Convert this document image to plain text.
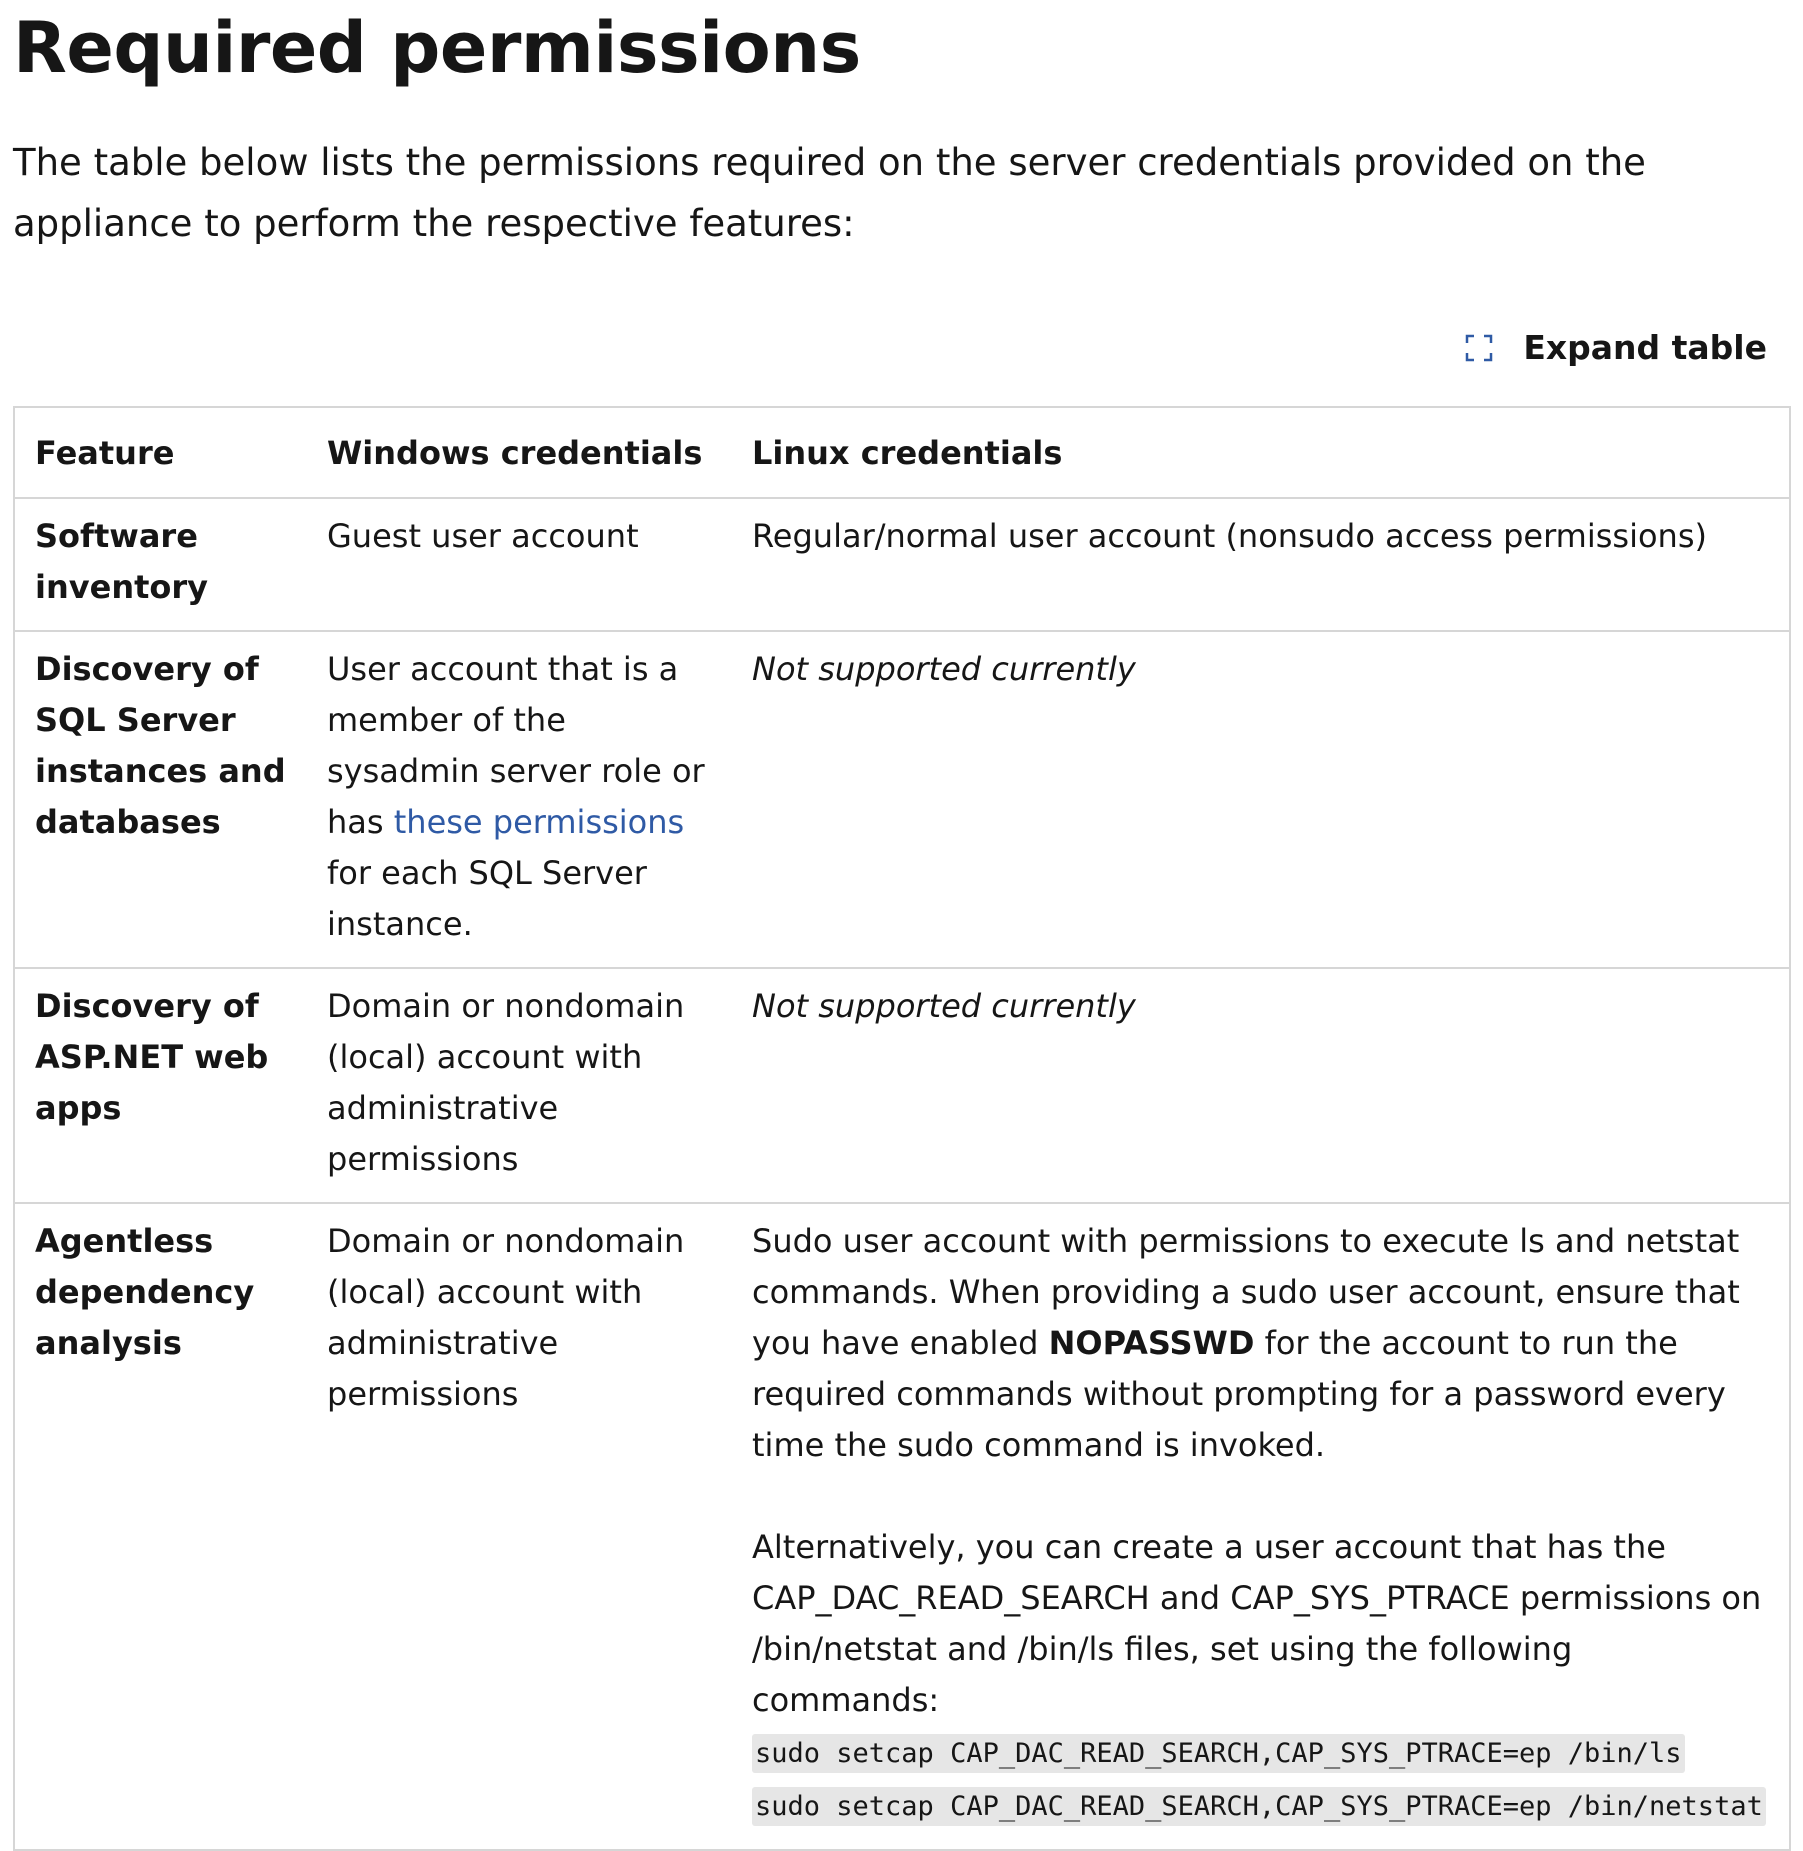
Required permissions

The table below lists the permissions required on the server credentials provided on the appliance to perform the respective features:

Expand table
Feature	Windows credentials	Linux credentials
Software inventory	Guest user account	Regular/normal user account (nonsudo access permissions)
Discovery of SQL Server instances and databases	User account that is a member of the sysadmin server role or has these permissions for each SQL Server instance.	Not supported currently
Discovery of ASP.NET web apps	Domain or nondomain (local) account with administrative permissions	Not supported currently
Agentless dependency analysis	Domain or nondomain (local) account with administrative permissions	Sudo user account with permissions to execute ls and netstat commands. When providing a sudo user account, ensure that you have enabled NOPASSWD for the account to run the required commands without prompting for a password every time the sudo command is invoked.
Alternatively, you can create a user account that has the CAP_DAC_READ_SEARCH and CAP_SYS_PTRACE permissions on /bin/netstat and /bin/ls files, set using the following commands:
sudo setcap CAP_DAC_READ_SEARCH,CAP_SYS_PTRACE=ep /bin/ls
sudo setcap CAP_DAC_READ_SEARCH,CAP_SYS_PTRACE=ep /bin/netstat
